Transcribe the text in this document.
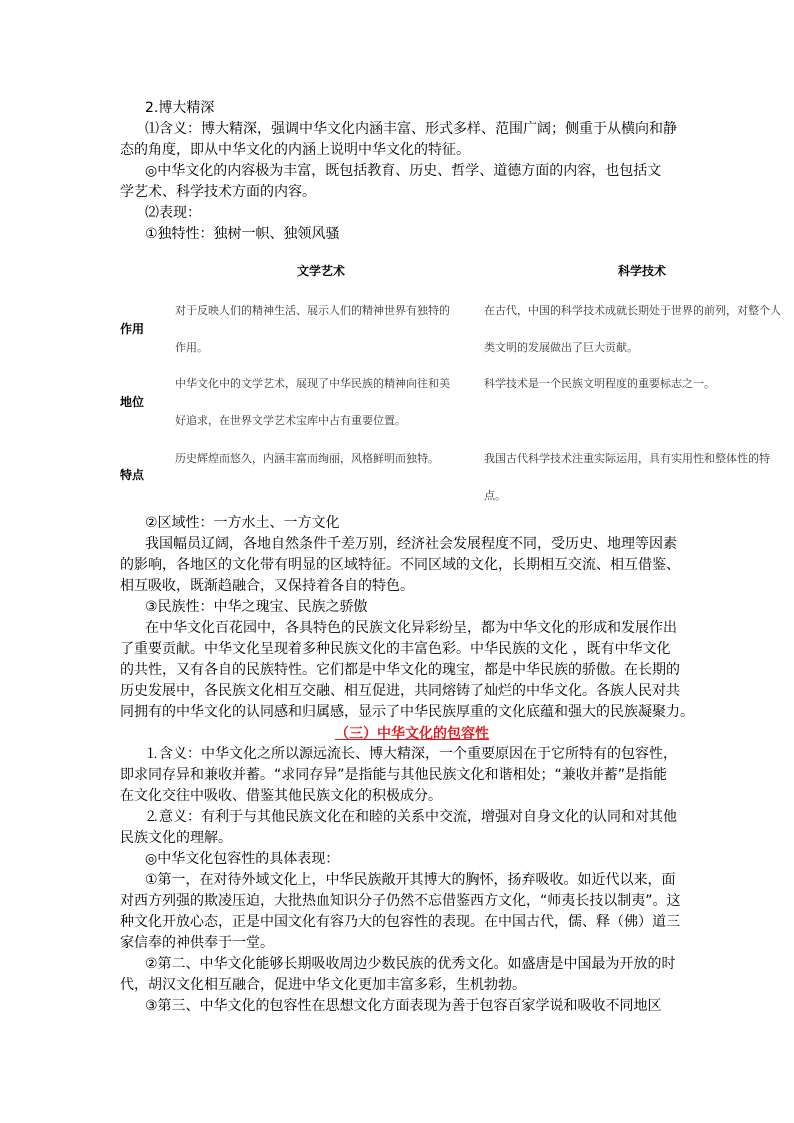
2.博大精深
⑴含义：博大精深，强调中华文化内涵丰富、形式多样、范围广阔；侧重于从横向和静
态的角度，即从中华文化的内涵上说明中华文化的特征。
◎中华文化的内容极为丰富，既包括教育、历史、哲学、道德方面的内容，也包括文
学艺术、科学技术方面的内容。
⑵表现：
①独特性：独树一帜、独领风骚
文学艺术	科学技术
作用
对于反映人们的精神生活、展示人们的精神世界有独特的
作用。
在古代，中国的科学技术成就长期处于世界的前列，对整个人
类文明的发展做出了巨大贡献。
地位
中华文化中的文学艺术，展现了中华民族的精神向往和美
好追求，在世界文学艺术宝库中占有重要位置。
科学技术是一个民族文明程度的重要标志之一。
特点
历史辉煌而悠久，内涵丰富而绚丽，风格鲜明而独特。	我国古代科学技术注重实际运用，具有实用性和整体性的特
点。
②区域性：一方水土、一方文化
我国幅员辽阔，各地自然条件千差万别，经济社会发展程度不同，受历史、地理等因素
的影响，各地区的文化带有明显的区域特征。不同区域的文化，长期相互交流、相互借鉴、
相互吸收，既渐趋融合，又保持着各自的特色。
③民族性：中华之瑰宝、民族之骄傲
在中华文化百花园中，各具特色的民族文化异彩纷呈，都为中华文化的形成和发展作出
了重要贡献。中华文化呈现着多种民族文化的丰富色彩。中华民族的文化 ，既有中华文化
的共性，又有各自的民族特性。它们都是中华文化的瑰宝，都是中华民族的骄傲。在长期的
历史发展中，各民族文化相互交融、相互促进，共同熔铸了灿烂的中华文化。各族人民对共
同拥有的中华文化的认同感和归属感，显示了中华民族厚重的文化底蕴和强大的民族凝聚力。
（三）中华文化的包容性
⒈含义：中华文化之所以源远流长、博大精深，一个重要原因在于它所特有的包容性，
即求同存异和兼收并蓄。“求同存异”是指能与其他民族文化和谐相处；“兼收并蓄”是指能
在文化交往中吸收、借鉴其他民族文化的积极成分。
⒉意义：有利于与其他民族文化在和睦的关系中交流，增强对自身文化的认同和对其他
民族文化的理解。
◎中华文化包容性的具体表现：
①第一，在对待外域文化上，中华民族敞开其博大的胸怀，扬弃吸收。如近代以来，面
对西方列强的欺凌压迫，大批热血知识分子仍然不忘借鉴西方文化，“师夷长技以制夷”。这
种文化开放心态，正是中国文化有容乃大的包容性的表现。在中国古代，儒、释（佛）道三
家信奉的神供奉于一堂。
②第二、中华文化能够长期吸收周边少数民族的优秀文化。如盛唐是中国最为开放的时
代，胡汉文化相互融合，促进中华文化更加丰富多彩，生机勃勃。
③第三、中华文化的包容性在思想文化方面表现为善于包容百家学说和吸收不同地区
